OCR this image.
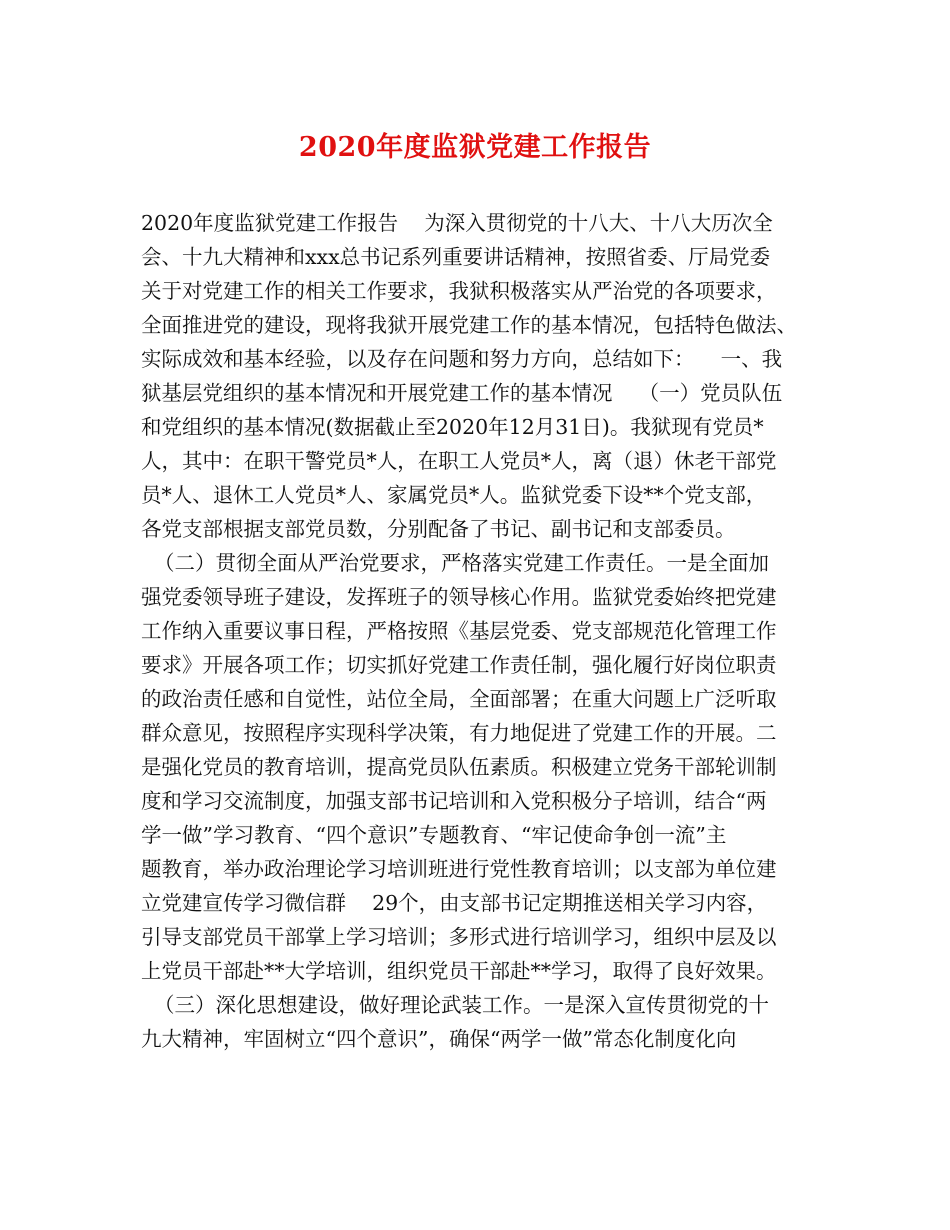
2020年度监狱党建工作报告
2020年度监狱党建工作报告    为深入贯彻党的十八大、十八大历次全
会、十九大精神和xxx总书记系列重要讲话精神，按照省委、厅局党委
关于对党建工作的相关工作要求，我狱积极落实从严治党的各项要求，
全面推进党的建设，现将我狱开展党建工作的基本情况，包括特色做法、
实际成效和基本经验，以及存在问题和努力方向，总结如下：    一、我
狱基层党组织的基本情况和开展党建工作的基本情况    （一）党员队伍
和党组织的基本情况(数据截止至2020年12月31日)。我狱现有党员*
人，其中：在职干警党员*人，在职工人党员*人，离（退）休老干部党
员*人、退休工人党员*人、家属党员*人。监狱党委下设**个党支部，
各党支部根据支部党员数，分别配备了书记、副书记和支部委员。
（二）贯彻全面从严治党要求，严格落实党建工作责任。一是全面加
强党委领导班子建设，发挥班子的领导核心作用。监狱党委始终把党建
工作纳入重要议事日程，严格按照《基层党委、党支部规范化管理工作
要求》开展各项工作；切实抓好党建工作责任制，强化履行好岗位职责
的政治责任感和自觉性，站位全局，全面部署；在重大问题上广泛听取
群众意见，按照程序实现科学决策，有力地促进了党建工作的开展。二
是强化党员的教育培训，提高党员队伍素质。积极建立党务干部轮训制
度和学习交流制度，加强支部书记培训和入党积极分子培训，结合“两
学一做”学习教育、“四个意识”专题教育、“牢记使命争创一流”主
题教育，举办政治理论学习培训班进行党性教育培训；以支部为单位建
立党建宣传学习微信群    29个，由支部书记定期推送相关学习内容，
引导支部党员干部掌上学习培训；多形式进行培训学习，组织中层及以
上党员干部赴**大学培训，组织党员干部赴**学习，取得了良好效果。
（三）深化思想建设，做好理论武装工作。一是深入宣传贯彻党的十
九大精神，牢固树立“四个意识”，确保“两学一做”常态化制度化向
